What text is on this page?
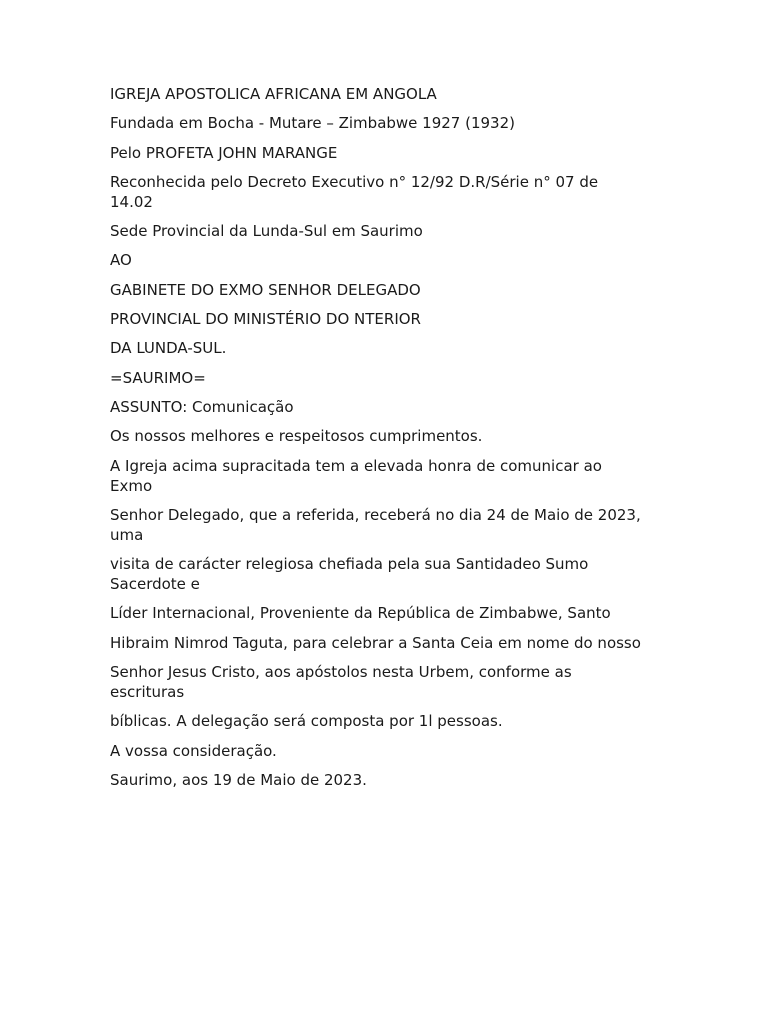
IGREJA APOSTOLICA AFRICANA EM ANGOLA

Fundada em Bocha - Mutare – Zimbabwe 1927 (1932)

Pelo PROFETA JOHN MARANGE

Reconhecida pelo Decreto Executivo n° 12/92 D.R/Série n° 07 de
14.02

Sede Provincial da Lunda-Sul em Saurimo

AO

GABINETE DO EXMO SENHOR DELEGADO

PROVINCIAL DO MINISTÉRIO DO NTERIOR

DA LUNDA-SUL.

=SAURIMO=

ASSUNTO: Comunicação

Os nossos melhores e respeitosos cumprimentos.

A Igreja acima supracitada tem a elevada honra de comunicar ao
Exmo

Senhor Delegado, que a referida, receberá no dia 24 de Maio de 2023,
uma

visita de carácter relegiosa chefiada pela sua Santidadeo Sumo
Sacerdote e

Líder Internacional, Proveniente da República de Zimbabwe, Santo

Hibraim Nimrod Taguta, para celebrar a Santa Ceia em nome do nosso

Senhor Jesus Cristo, aos apóstolos nesta Urbem, conforme as
escrituras

bíblicas. A delegação será composta por 1l pessoas.

A vossa consideração.

Saurimo, aos 19 de Maio de 2023.
